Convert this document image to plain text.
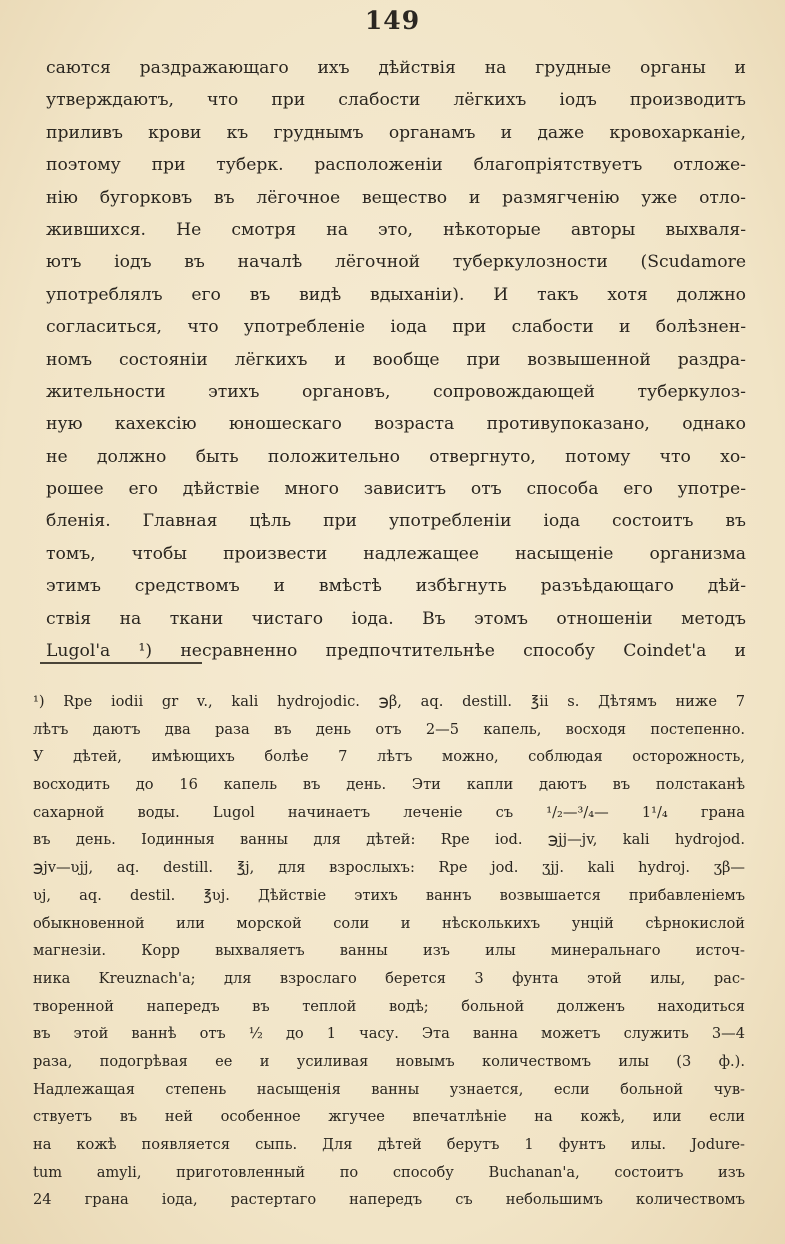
149
саются раздражающаго ихъ дѣйствія на грудные органы и
утверждаютъ, что при слабости лёгкихъ іодъ производитъ
приливъ крови къ груднымъ органамъ и даже кровохарканіе,
поэтому при туберк. расположеніи благопріятствуетъ отложе-
нію бугорковъ въ лёгочное вещество и размягченію уже отло-
жившихся. Не смотря на это, нѣкоторые авторы выхваля-
ютъ іодъ въ началѣ лёгочной туберкулозности (Scudamore
употреблялъ его въ видѣ вдыханіи). И такъ хотя должно
согласиться, что употребленіе іода при слабости и болѣзнен-
номъ состояніи лёгкихъ и вообще при возвышенной раздра-
жительности этихъ органовъ, сопровождающей туберкулоз-
ную кахексію юношескаго возраста противупоказано, однако
не должно быть положительно отвергнуто, потому что хо-
рошее его дѣйствіе много зависитъ отъ способа его употре-
бленія. Главная цѣль при употребленіи іода состоитъ въ
томъ, чтобы произвести надлежащее насыщеніе организма
этимъ средствомъ и вмѣстѣ избѣгнуть разъѣдающаго дѣй-
ствія на ткани чистаго іода. Въ этомъ отношеніи методъ
Lugol'а ¹) несравненно предпочтительнѣе способу Coindet'а и
¹) Rpe iodii gr v., kali hydrojodic. ℈β, aq. destill. ℥ii s. Дѣтямъ ниже 7
лѣтъ даютъ два раза въ день отъ 2—5 капель, восходя постепенно.
У дѣтей, имѣющихъ болѣе 7 лѣтъ можно, соблюдая осторожность,
восходить до 16 капель въ день. Эти капли даютъ въ полстаканѣ
сахарной воды. Lugol начинаетъ леченіе съ ¹/₂—³/₄— 1¹/₄ грана
въ день. Іодинныя ванны для дѣтей: Rpe iod. ℈jj—jv, kali hydrojod.
℈jv—ʋjj, aq. destill. ℥j, для взрослыхъ: Rpe jod. ʒjj. kali hydroj. ʒβ—
ʋj, aq. destil. ℥ʋj. Дѣйствіе этихъ ваннъ возвышается прибавленіемъ
обыкновенной или морской соли и нѣсколькихъ унцій сѣрнокислой
магнезіи. Корр выхваляетъ ванны изъ илы минеральнаго источ-
ника Kreuznach'а; для взрослаго берется 3 фунта этой илы, рас-
творенной напередъ въ теплой водѣ; больной долженъ находиться
въ этой ваннѣ отъ ½ до 1 часу. Эта ванна можетъ служить 3—4
раза, подогрѣвая ее и усиливая новымъ количествомъ илы (3 ф.).
Надлежащая степень насыщенія ванны узнается, если больной чув-
ствуетъ въ ней особенное жгучее впечатлѣніе на кожѣ, или если
на кожѣ появляется сыпь. Для дѣтей берутъ 1 фунтъ илы. Jodure-
tum amyli, приготовленный по способу Buchanan'а, состоитъ изъ
24 грана іода, растертаго напередъ съ небольшимъ количествомъ
